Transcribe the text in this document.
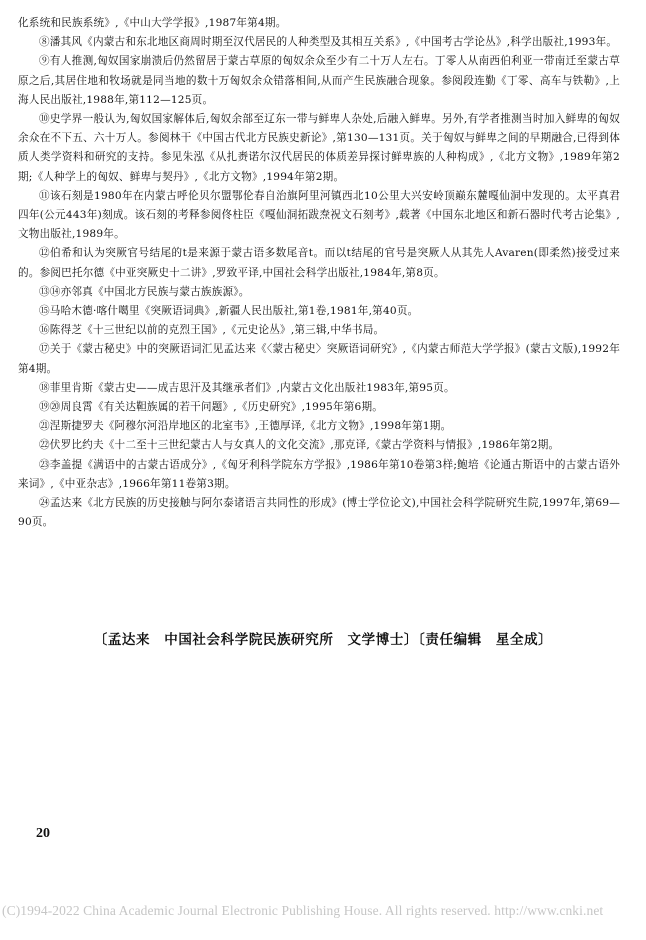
化系统和民族系统》,《中山大学学报》,1987年第4期。

⑧潘其风《内蒙古和东北地区商周时期至汉代居民的人种类型及其相互关系》,《中国考古学论丛》,科学出版社,1993年。

⑨有人推测,匈奴国家崩溃后仍然留居于蒙古草原的匈奴余众至少有二十万人左右。丁零人从南西伯利亚一带南迁至蒙古草原之后,其居住地和牧场就是同当地的数十万匈奴余众错落相间,从而产生民族融合现象。参阅段连勤《丁零、高车与铁勒》,上海人民出版社,1988年,第112—125页。

⑩史学界一般认为,匈奴国家解体后,匈奴余部至辽东一带与鲜卑人杂处,后融入鲜卑。另外,有学者推测当时加入鲜卑的匈奴余众在不下五、六十万人。参阅林干《中国古代北方民族史新论》,第130—131页。关于匈奴与鲜卑之间的早期融合,已得到体质人类学资料和研究的支持。参见朱泓《从扎赉诺尔汉代居民的体质差异探讨鲜卑族的人种构成》,《北方文物》,1989年第2期;《人种学上的匈奴、鲜卑与契丹》,《北方文物》,1994年第2期。

⑪该石刻是1980年在内蒙古呼伦贝尔盟鄂伦春自治旗阿里河镇西北10公里大兴安岭顶巅东麓嘎仙洞中发现的。太平真君四年(公元443年)刻成。该石刻的考释参阅佟柱臣《嘎仙洞拓跋焘祝文石刻考》,载著《中国东北地区和新石器时代考古论集》,文物出版社,1989年。

⑫伯希和认为突厥官号结尾的t是来源于蒙古语多数尾音t。而以t结尾的官号是突厥人从其先人Avaren(即柔然)接受过来的。参阅巴托尔德《中亚突厥史十二讲》,罗致平译,中国社会科学出版社,1984年,第8页。

⑬⑭亦邻真《中国北方民族与蒙古族族源》。

⑮马哈木德·喀什噶里《突厥语词典》,新疆人民出版社,第1卷,1981年,第40页。

⑯陈得芝《十三世纪以前的克烈王国》,《元史论丛》,第三辑,中华书局。

⑰关于《蒙古秘史》中的突厥语词汇见孟达来《〈蒙古秘史〉突厥语词研究》,《内蒙古师范大学学报》(蒙古文版),1992年第4期。

⑱菲里肯斯《蒙古史——成吉思汗及其继承者们》,内蒙古文化出版社1983年,第95页。

⑲⑳周良霄《有关达靼族属的若干问题》,《历史研究》,1995年第6期。

㉑涅斯捷罗夫《阿穆尔河沿岸地区的北室韦》,王德厚译,《北方文物》,1998年第1期。

㉒伏罗比约夫《十二至十三世纪蒙古人与女真人的文化交流》,那克译,《蒙古学资料与情报》,1986年第2期。

㉓李盖提《满语中的古蒙古语成分》,《匈牙利科学院东方学报》,1986年第10卷第3样;鲍培《论通古斯语中的古蒙古语外来词》,《中亚杂志》,1966年第11卷第3期。

㉔孟达来《北方民族的历史接触与阿尔泰诸语言共同性的形成》(博士学位论文),中国社会科学院研究生院,1997年,第69—90页。

〔孟达来　中国社会科学院民族研究所　文学博士〕〔责任编辑　星全成〕
20
(C)1994-2022 China Academic Journal Electronic Publishing House. All rights reserved. http://www.cnki.net
